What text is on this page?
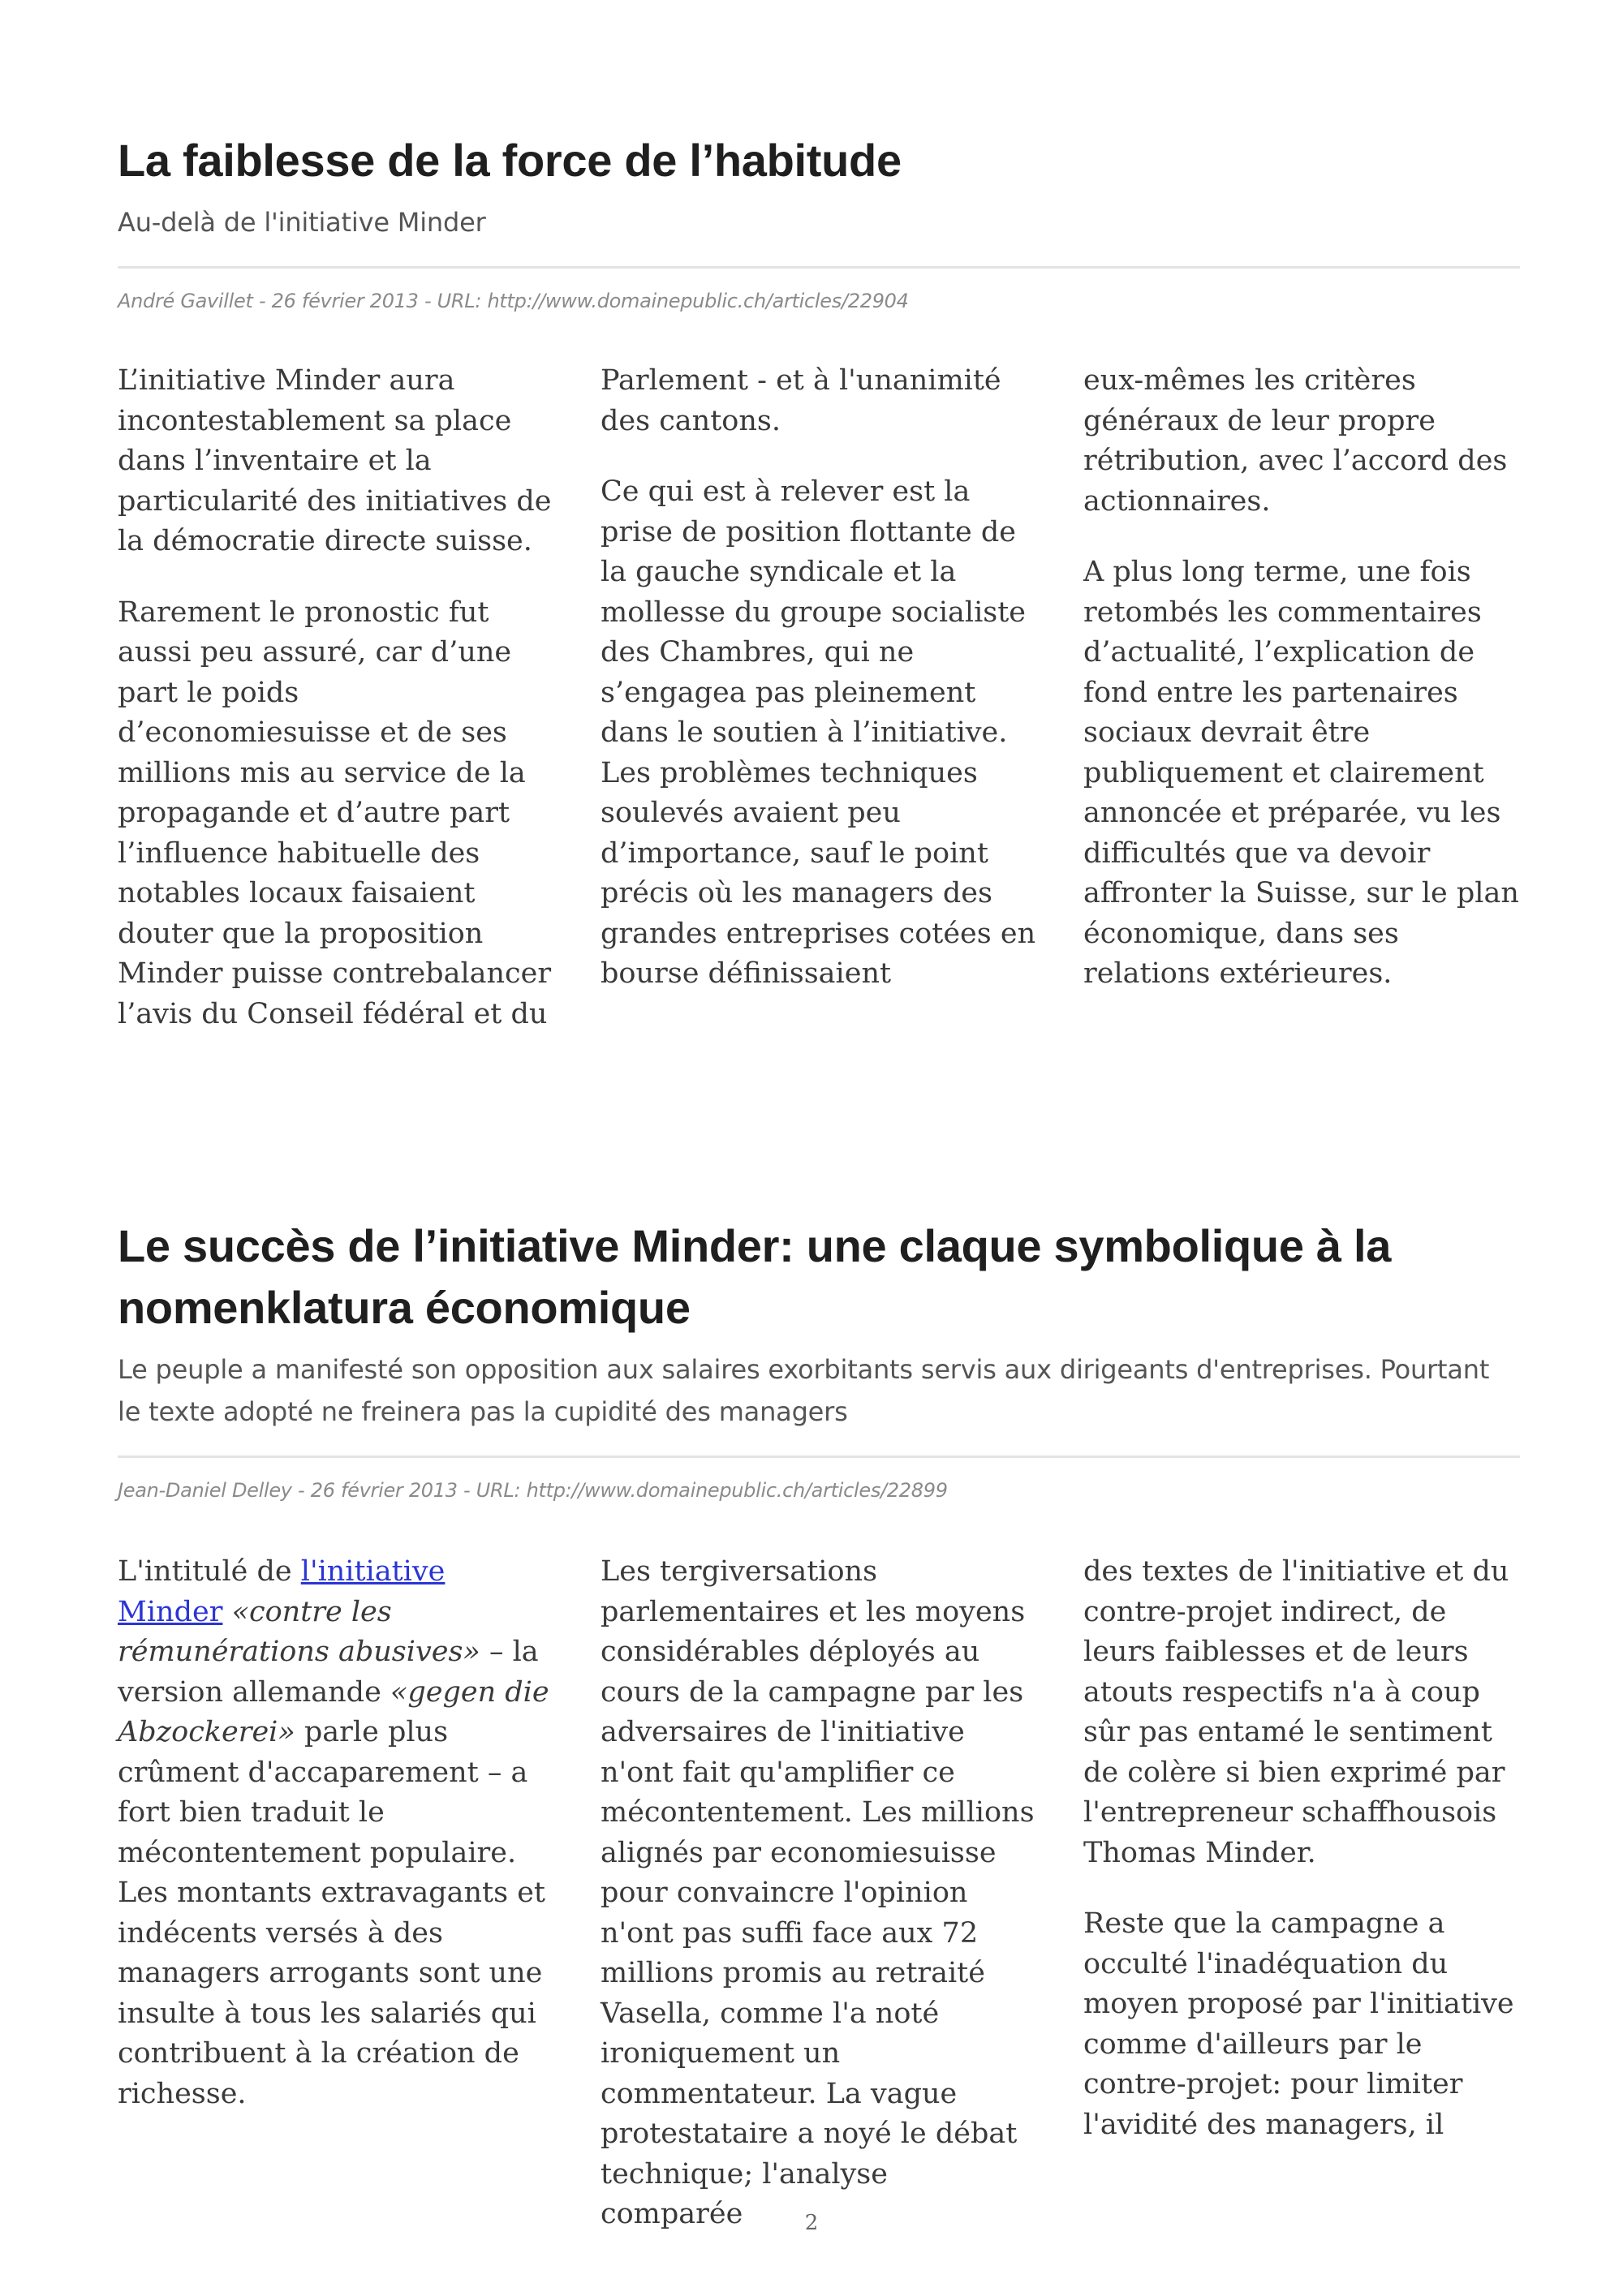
La faiblesse de la force de l’habitude
Au-delà de l'initiative Minder
André Gavillet - 26 février 2013 - URL: http://www.domainepublic.ch/articles/22904

L’initiative Minder aura incontestablement sa place dans l’inventaire et la particularité des initiatives de la démocratie directe suisse.

Rarement le pronostic fut aussi peu assuré, car d’une part le poids d’economiesuisse et de ses millions mis au service de la propagande et d’autre part l’influence habituelle des notables locaux faisaient douter que la proposition Minder puisse contrebalancer l’avis du Conseil fédéral et du

Parlement - et à l'unanimité des cantons.

Ce qui est à relever est la prise de position flottante de la gauche syndicale et la mollesse du groupe socialiste des Chambres, qui ne s’engagea pas pleinement dans le soutien à l’initiative. Les problèmes techniques soulevés avaient peu d’importance, sauf le point précis où les managers des grandes entreprises cotées en bourse définissaient

eux-mêmes les critères généraux de leur propre rétribution, avec l’accord des actionnaires.

A plus long terme, une fois retombés les commentaires d’actualité, l’explication de fond entre les partenaires sociaux devrait être publiquement et clairement annoncée et préparée, vu les difficultés que va devoir affronter la Suisse, sur le plan économique, dans ses relations extérieures.

Le succès de l’initiative Minder: une claque symbolique à la nomenklatura économique
Le peuple a manifesté son opposition aux salaires exorbitants servis aux dirigeants d'entreprises. Pourtant le texte adopté ne freinera pas la cupidité des managers
Jean-Daniel Delley - 26 février 2013 - URL: http://www.domainepublic.ch/articles/22899

L'intitulé de l'initiative Minder «contre les rémunérations abusives» – la version allemande «gegen die Abzockerei» parle plus crûment d'accaparement – a fort bien traduit le mécontentement populaire. Les montants extravagants et indécents versés à des managers arrogants sont une insulte à tous les salariés qui contribuent à la création de richesse.

Les tergiversations parlementaires et les moyens considérables déployés au cours de la campagne par les adversaires de l'initiative n'ont fait qu'amplifier ce mécontentement. Les millions alignés par economiesuisse pour convaincre l'opinion n'ont pas suffi face aux 72 millions promis au retraité Vasella, comme l'a noté ironiquement un commentateur. La vague protestataire a noyé le débat technique; l'analyse comparée

des textes de l'initiative et du contre-projet indirect, de leurs faiblesses et de leurs atouts respectifs n'a à coup sûr pas entamé le sentiment de colère si bien exprimé par l'entrepreneur schaffhousois Thomas Minder.

Reste que la campagne a occulté l'inadéquation du moyen proposé par l'initiative comme d'ailleurs par le contre-projet: pour limiter l'avidité des managers, il

2
